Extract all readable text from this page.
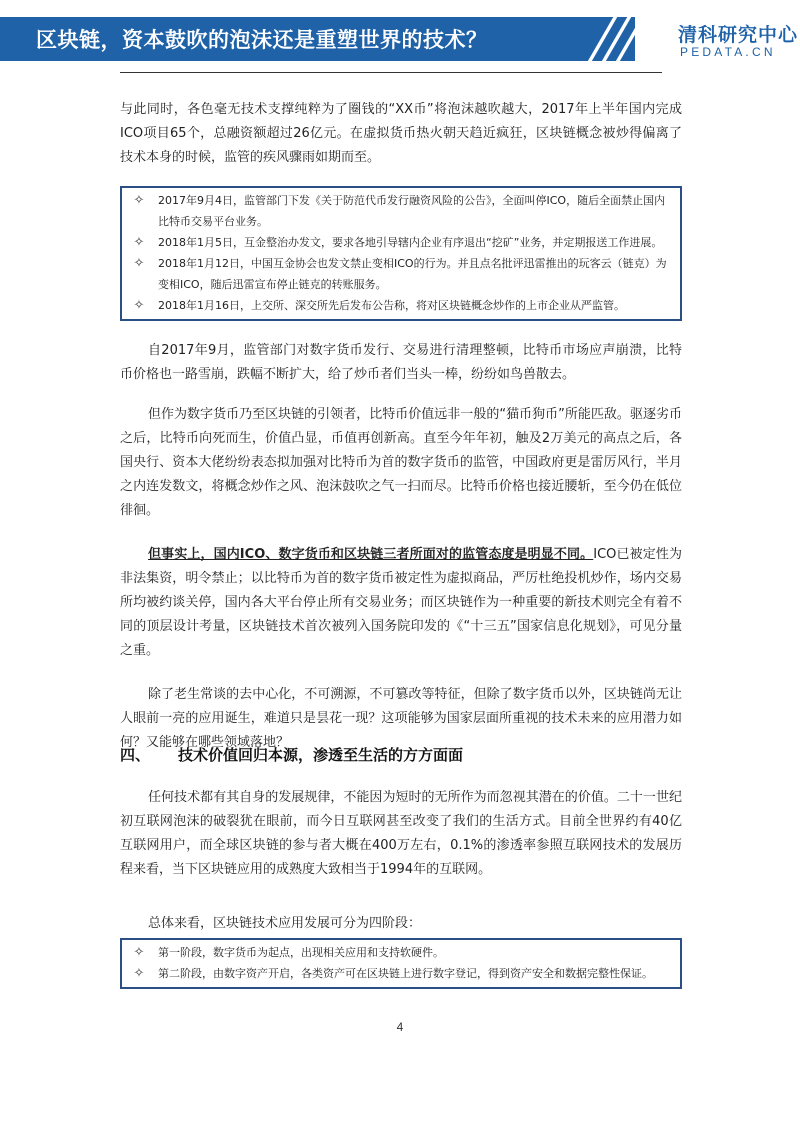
区块链，资本鼓吹的泡沫还是重塑世界的技术？	清科研究中心
PEDATA.CN
与此同时，各色毫无技术支撑纯粹为了圈钱的“XX币”将泡沫越吹越大，2017年上半年国内完成ICO项目65个，总融资额超过26亿元。在虚拟货币热火朝天趋近疯狂，区块链概念被炒得偏离了技术本身的时候，监管的疾风骤雨如期而至。
✧	2017年9月4日，监管部门下发《关于防范代币发行融资风险的公告》，全面叫停ICO，随后全面禁止国内比特币交易平台业务。
✧	2018年1月5日，互金整治办发文，要求各地引导辖内企业有序退出“挖矿”业务，并定期报送工作进展。
✧	2018年1月12日，中国互金协会也发文禁止变相ICO的行为。并且点名批评迅雷推出的玩客云（链克）为变相ICO，随后迅雷宣布停止链克的转账服务。
✧	2018年1月16日，上交所、深交所先后发布公告称，将对区块链概念炒作的上市企业从严监管。
自2017年9月，监管部门对数字货币发行、交易进行清理整顿，比特币市场应声崩溃，比特币价格也一路雪崩，跌幅不断扩大，给了炒币者们当头一棒，纷纷如鸟兽散去。
但作为数字货币乃至区块链的引领者，比特币价值远非一般的“猫币狗币”所能匹敌。驱逐劣币之后，比特币向死而生，价值凸显，币值再创新高。直至今年年初，触及2万美元的高点之后，各国央行、资本大佬纷纷表态拟加强对比特币为首的数字货币的监管，中国政府更是雷厉风行，半月之内连发数文，将概念炒作之风、泡沫鼓吹之气一扫而尽。比特币价格也接近腰斩，至今仍在低位徘徊。
但事实上，国内ICO、数字货币和区块链三者所面对的监管态度是明显不同。ICO已被定性为非法集资，明令禁止；以比特币为首的数字货币被定性为虚拟商品，严厉杜绝投机炒作，场内交易所均被约谈关停，国内各大平台停止所有交易业务；而区块链作为一种重要的新技术则完全有着不同的顶层设计考量，区块链技术首次被列入国务院印发的《“十三五”国家信息化规划》，可见分量之重。
除了老生常谈的去中心化，不可溯源，不可篡改等特征，但除了数字货币以外，区块链尚无让人眼前一亮的应用诞生，难道只是昙花一现？这项能够为国家层面所重视的技术未来的应用潜力如何？又能够在哪些领域落地？
四、 技术价值回归本源，渗透至生活的方方面面
任何技术都有其自身的发展规律，不能因为短时的无所作为而忽视其潜在的价值。二十一世纪初互联网泡沫的破裂犹在眼前，而今日互联网甚至改变了我们的生活方式。目前全世界约有40亿互联网用户，而全球区块链的参与者大概在400万左右，0.1%的渗透率参照互联网技术的发展历程来看，当下区块链应用的成熟度大致相当于1994年的互联网。
总体来看，区块链技术应用发展可分为四阶段：
✧	第一阶段，数字货币为起点，出现相关应用和支持软硬件。
✧	第二阶段，由数字资产开启，各类资产可在区块链上进行数字登记，得到资产安全和数据完整性保证。
4
